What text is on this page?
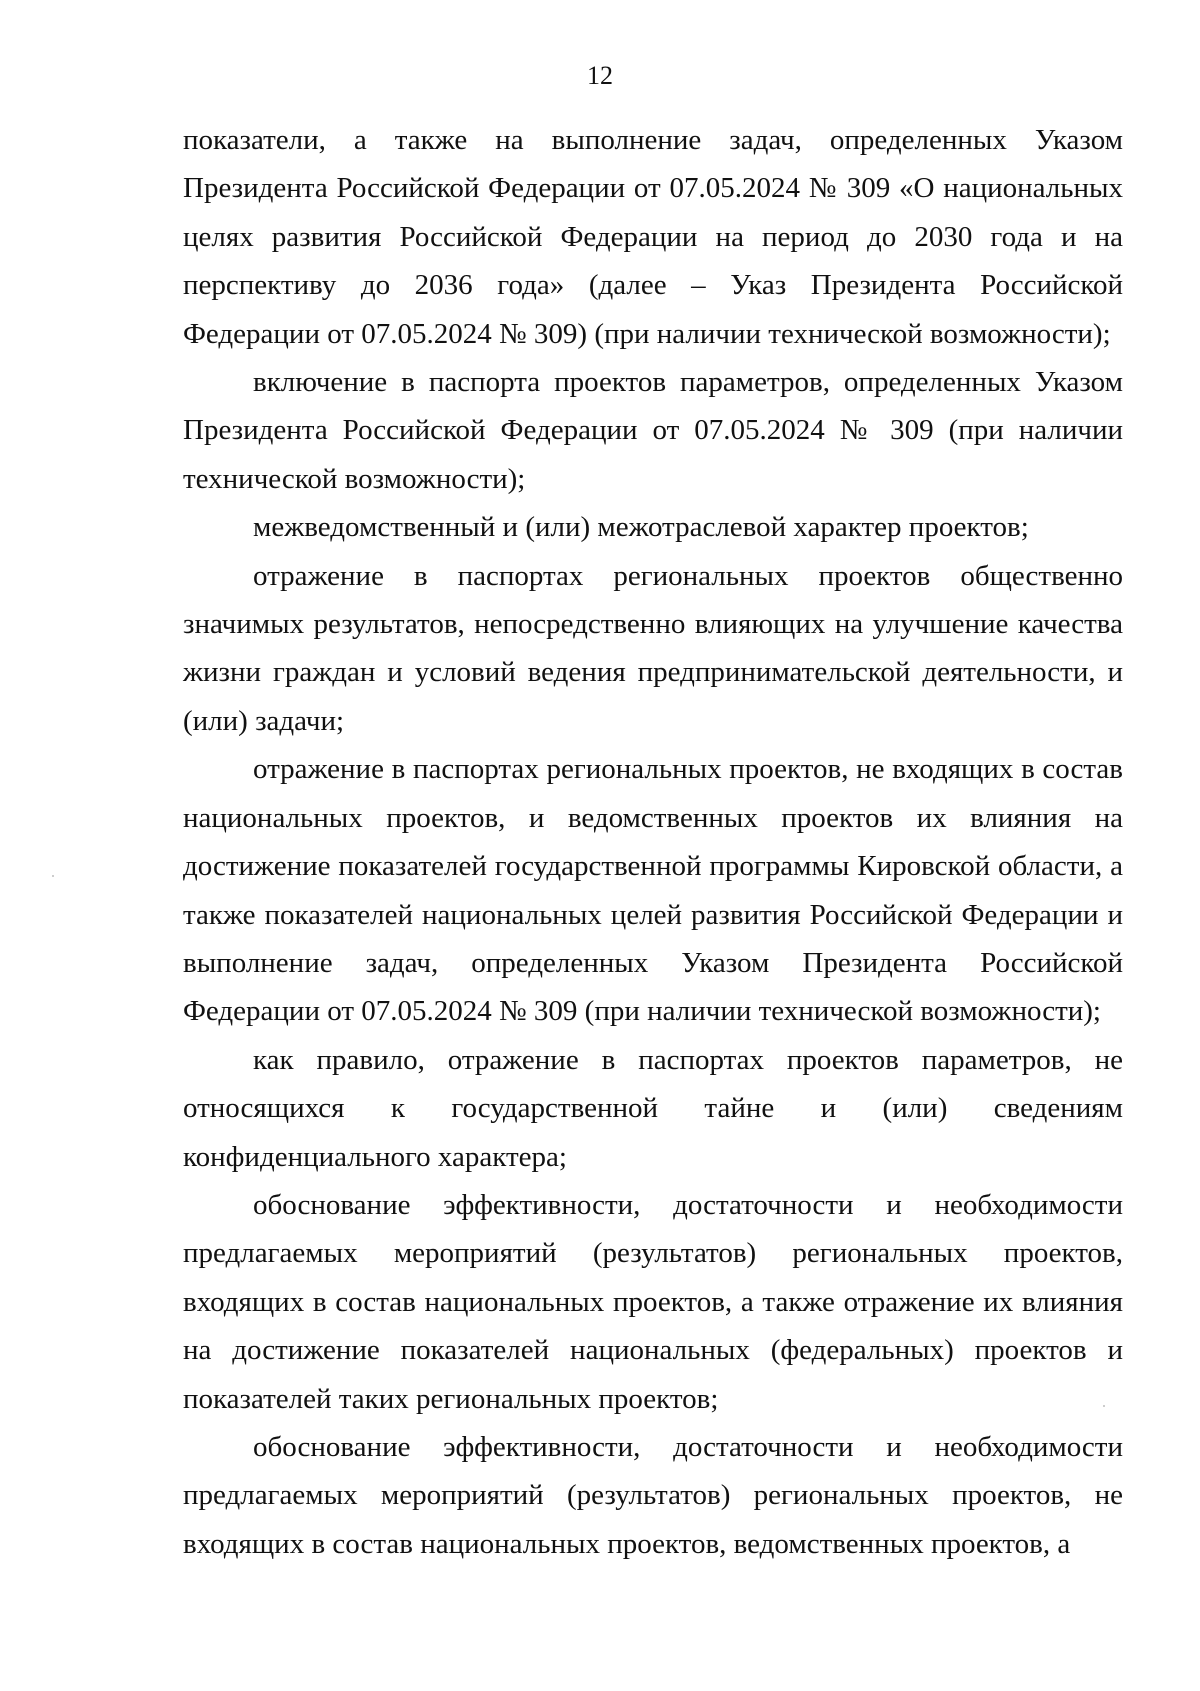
12

показатели, а также на выполнение задач, определенных Указом Президента Российской Федерации от 07.05.2024 № 309 «О национальных целях развития Российской Федерации на период до 2030 года и на перспективу до 2036 года» (далее – Указ Президента Российской Федерации от 07.05.2024 № 309) (при наличии технической возможности);

включение в паспорта проектов параметров, определенных Указом Президента Российской Федерации от 07.05.2024 № 309 (при наличии технической возможности);

межведомственный и (или) межотраслевой характер проектов;

отражение в паспортах региональных проектов общественно значимых результатов, непосредственно влияющих на улучшение качества жизни граждан и условий ведения предпринимательской деятельности, и (или) задачи;

отражение в паспортах региональных проектов, не входящих в состав национальных проектов, и ведомственных проектов их влияния на достижение показателей государственной программы Кировской области, а также показателей национальных целей развития Российской Федерации и выполнение задач, определенных Указом Президента Российской Федерации от 07.05.2024 № 309 (при наличии технической возможности);

как правило, отражение в паспортах проектов параметров, не относящихся к государственной тайне и (или) сведениям конфиденциального характера;

обоснование эффективности, достаточности и необходимости предлагаемых мероприятий (результатов) региональных проектов, входящих в состав национальных проектов, а также отражение их влияния на достижение показателей национальных (федеральных) проектов и показателей таких региональных проектов;

обоснование эффективности, достаточности и необходимости предлагаемых мероприятий (результатов) региональных проектов, не входящих в состав национальных проектов, ведомственных проектов, а
